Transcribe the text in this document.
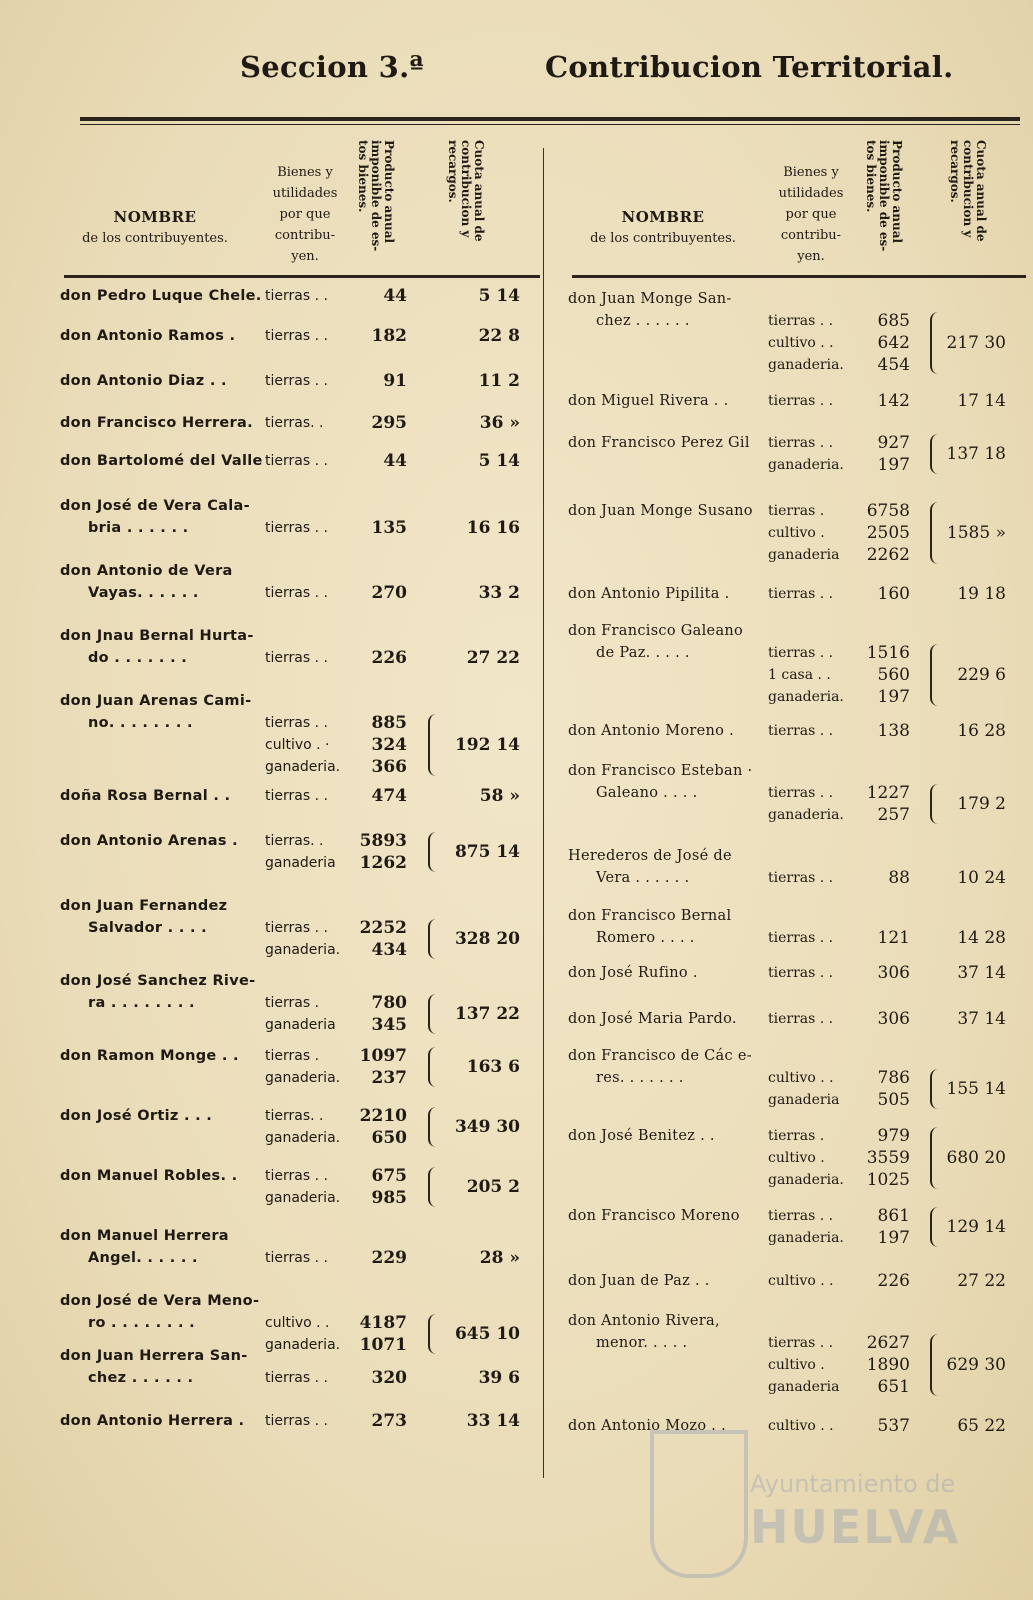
Seccion 3.ª	Contribucion Territorial.
NOMBRE
de los contribuyentes.
Bienes y
utilidades
por que
contribu-
yen.
Producto anual
imponible de es-
tos bienes.	Cuota anual de
contribucion y
recargos.
don Pedro Luque Chele. tierras . .	44	5 14
don Antonio Ramos . tierras . .	182	22 8
don Antonio Diaz . .	tierras . .	91	11 2
don Francisco Herrera. tierras. .	295	36 »
don Bartolomé del Valle tierras . .	44	5 14
don José de Vera Cala-
bria . . . . . .	tierras . .	135	16 16
don Antonio de Vera
Vayas. . . . . .	tierras . .	270	33 2
don Jnau Bernal Hurta-
do . . . . . . .	tierras . .	226	27 22
don Juan Arenas Cami-
no. . . . . . . .	tierras . .	885
cultivo . ·	324
ganaderia.	366
192 14
doña Rosa Bernal . . tierras . .	474	58 »
don Antonio Arenas . tierras. .	5893
ganaderia	1262
875 14
don Juan Fernandez
Salvador . . . .	tierras . .	2252
ganaderia.	434
328 20
don José Sanchez Rive-
ra . . . . . . . .	tierras .	780
ganaderia	345
137 22
don Ramon Monge . . tierras .	1097
ganaderia.	237
163 6
don José Ortiz . . .	tierras. .	2210
ganaderia.	650
349 30
don Manuel Robles. . tierras . .	675
ganaderia.	985
205 2
don Manuel Herrera
Angel. . . . . .	tierras . .	229	28 »
don José de Vera Meno-
ro . . . . . . . .	cultivo . .	4187
ganaderia.	1071
645 10
don Juan Herrera San-
chez . . . . . .	tierras . .	320	39 6
don Antonio Herrera . tierras . .	273	33 14
NOMBRE
de los contribuyentes.
Bienes y
utilidades
por que
contribu-
yen.
Producto anual
imponible de es-
tos bienes.	Cuota anual de
contribucion y
recargos.
don Juan Monge San-
chez . . . . . .	tierras . .	685
cultivo . .	642
ganaderia.	454
217 30
don Miguel Rivera . .	tierras . .	142	17 14
don Francisco Perez Gil tierras . .	927
ganaderia.	197
137 18
don Juan Monge Susano tierras .	6758
cultivo .	2505
ganaderia	2262
1585 »
don Antonio Pipilita .	tierras . .	160	19 18
don Francisco Galeano
de Paz. . . . .	tierras . .	1516
1 casa . .	560
ganaderia.	197
229 6
don Antonio Moreno . tierras . .	138	16 28
don Francisco Esteban ·
Galeano . . . .	tierras . .	1227
ganaderia.	257
179 2
Herederos de José de
Vera . . . . . .	tierras . .	88	10 24
don Francisco Bernal
Romero . . . .	tierras . .	121	14 28
don José Rufino .	tierras . .	306	37 14
don José Maria Pardo. tierras . .	306	37 14
don Francisco de Các e-
res. . . . . . .	cultivo . .	786
ganaderia	505
155 14
don José Benitez . .	tierras .	979
cultivo .	3559
ganaderia.	1025
680 20
don Francisco Moreno tierras . .	861
ganaderia.	197
129 14
don Juan de Paz . .	cultivo . .	226	27 22
don Antonio Rivera,
menor. . . . .	tierras . .	2627
cultivo .	1890
ganaderia	651
629 30
don Antonio Mozo . .	cultivo . .	537	65 22
Ayuntamiento de
HUELVA
